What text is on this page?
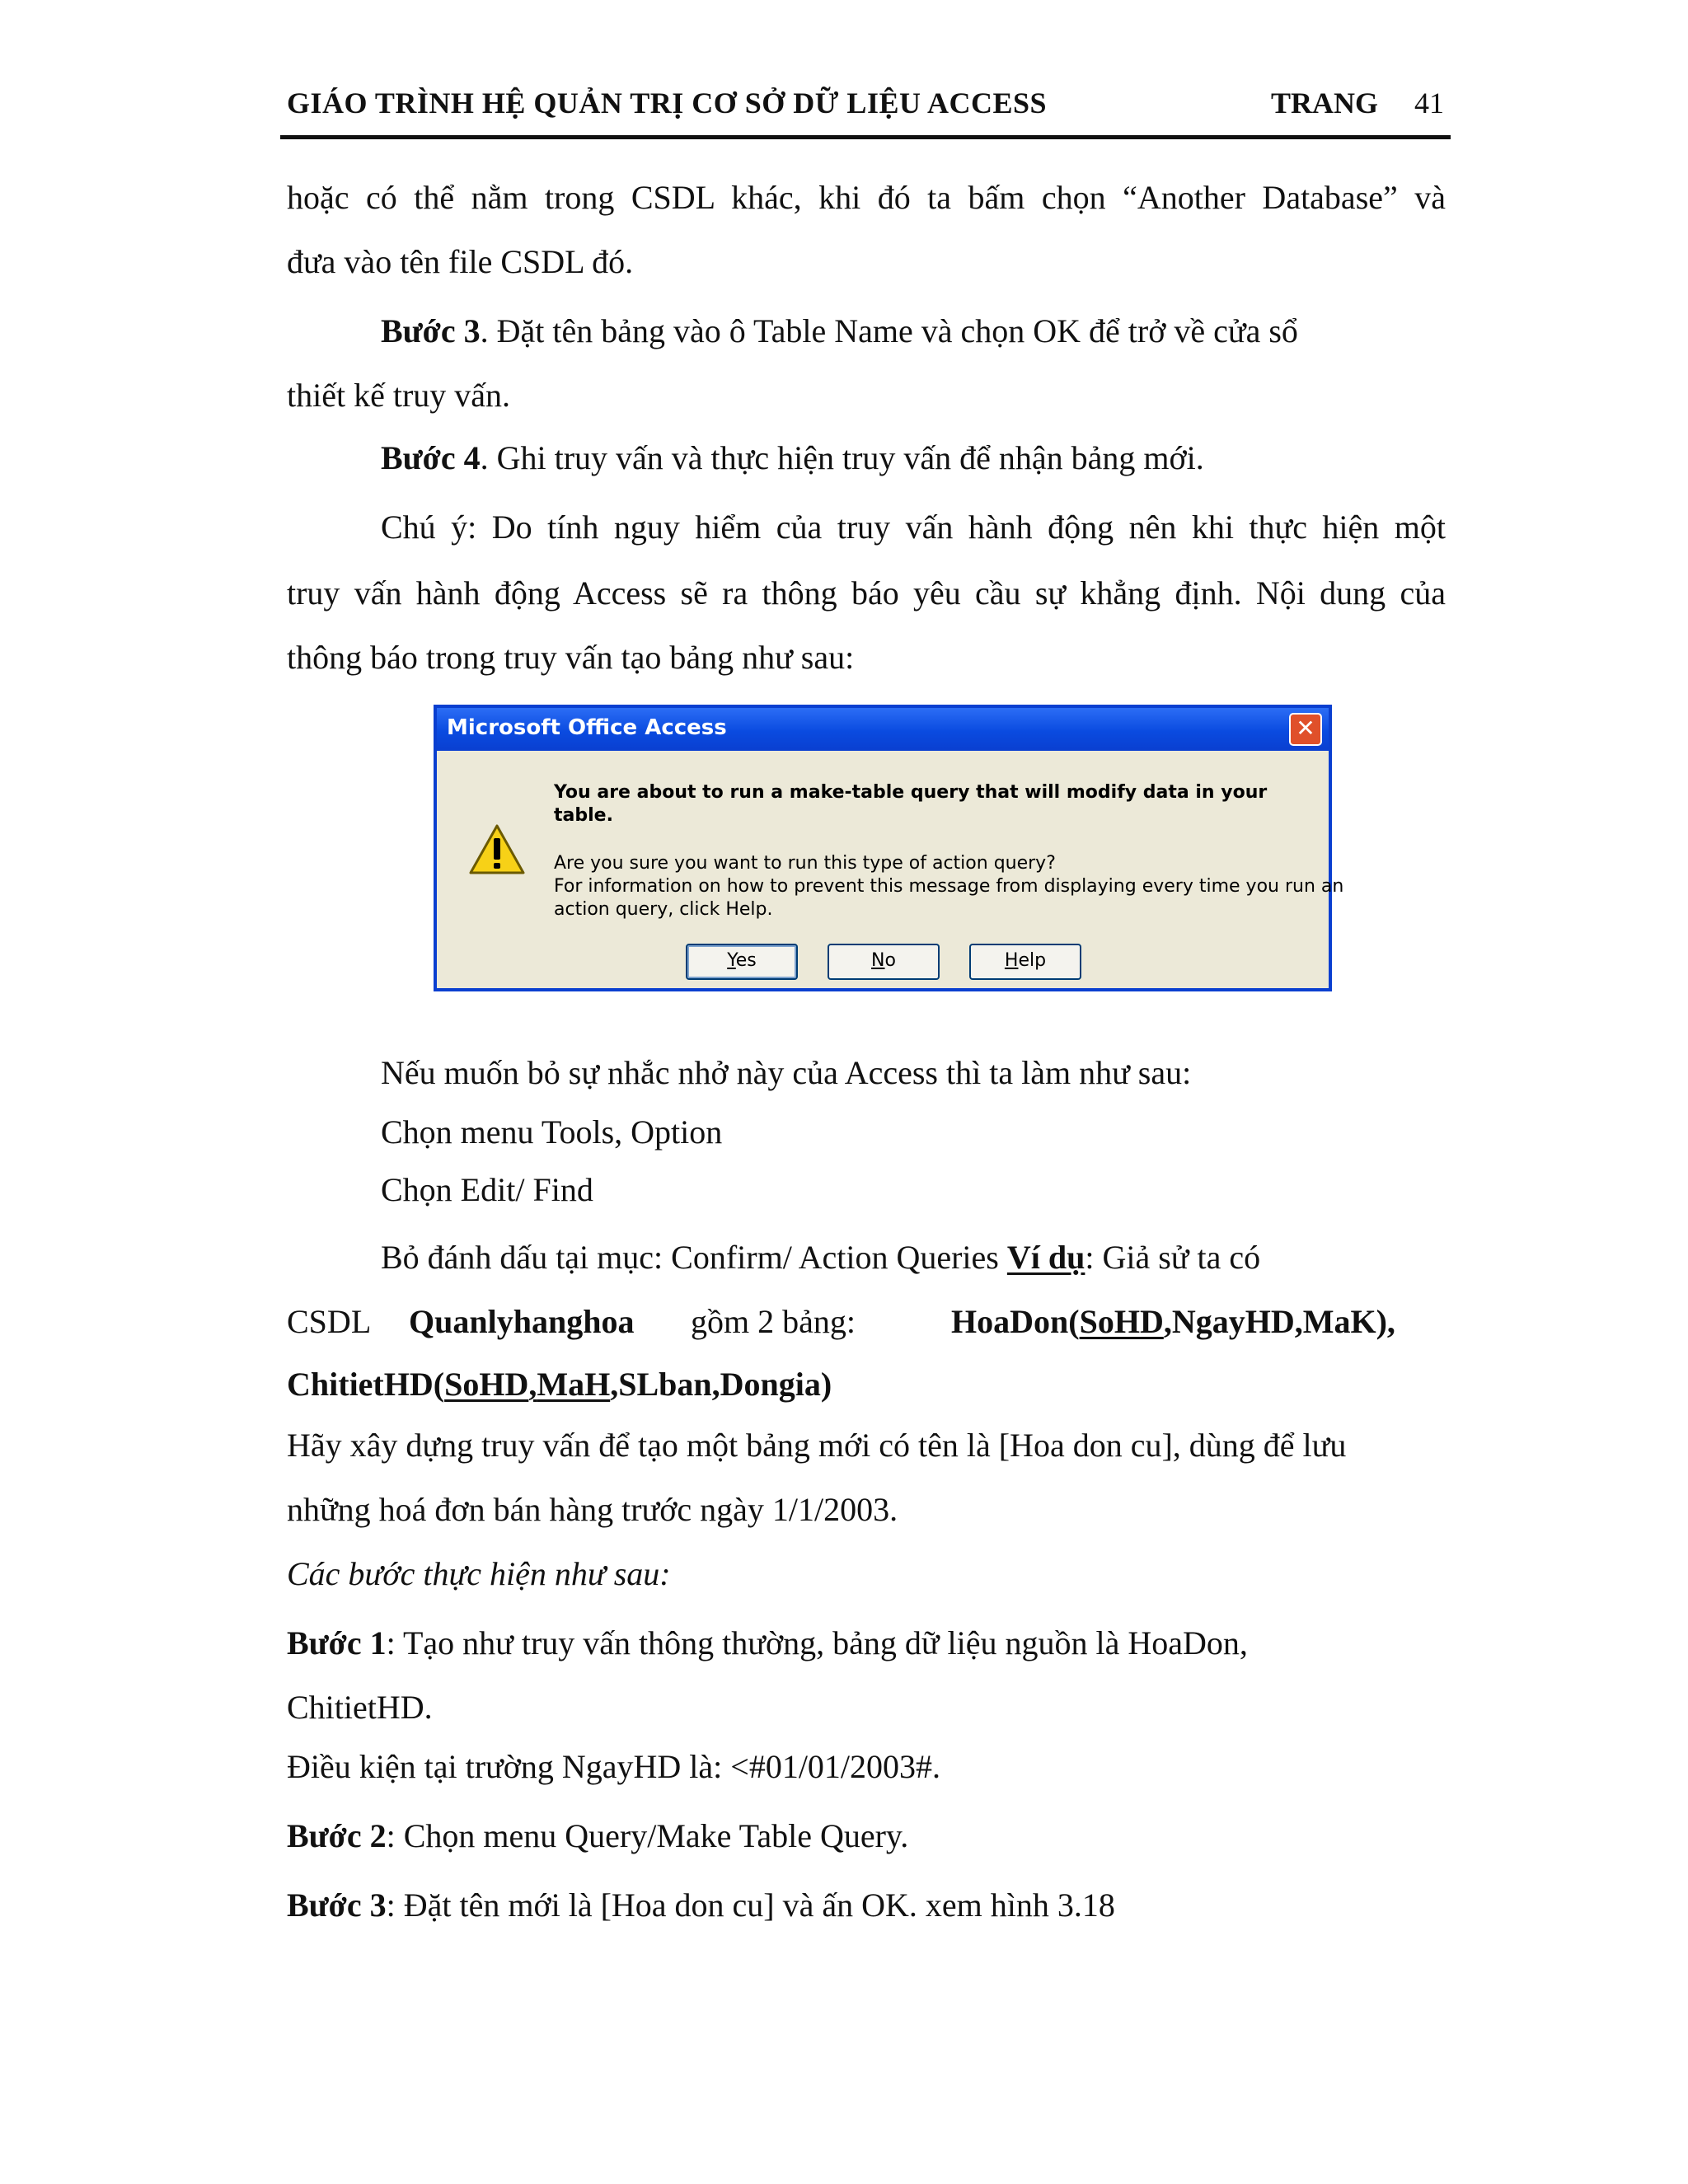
GIÁO TRÌNH HỆ QUẢN TRỊ CƠ SỞ DỮ LIỆU ACCESS	TRANG 41
hoặc có thể nằm trong CSDL khác, khi đó ta bấm chọn “Another Database” và
đưa vào tên file CSDL đó.
Bước 3. Đặt tên bảng vào ô Table Name và chọn OK để trở về cửa sổ
thiết kế truy vấn.
Bước 4. Ghi truy vấn và thực hiện truy vấn để nhận bảng mới.
Chú ý: Do tính nguy hiểm của truy vấn hành động nên khi thực hiện một
truy vấn hành động Access sẽ ra thông báo yêu cầu sự khẳng định. Nội dung của
thông báo trong truy vấn tạo bảng như sau:
Microsoft Office Access	✕
You are about to run a make-table query that will modify data in your
table.
Are you sure you want to run this type of action query?
For information on how to prevent this message from displaying every time you run an
action query, click Help.
Yes	No	Help
Nếu muốn bỏ sự nhắc nhở này của Access thì ta làm như sau:
Chọn menu Tools, Option
Chọn Edit/ Find
Bỏ đánh dấu tại mục: Confirm/ Action Queries Ví dụ: Giả sử ta có
CSDL Quanlyhanghoa gồm 2 bảng:	HoaDon(SoHD,NgayHD,MaK),
ChitietHD(SoHD,MaH,SLban,Dongia)
Hãy xây dựng truy vấn để tạo một bảng mới có tên là [Hoa don cu], dùng để lưu
những hoá đơn bán hàng trước ngày 1/1/2003.
Các bước thực hiện như sau:
Bước 1: Tạo như truy vấn thông thường, bảng dữ liệu nguồn là HoaDon,
ChitietHD.
Điều kiện tại trường NgayHD là: <#01/01/2003#.
Bước 2: Chọn menu Query/Make Table Query.
Bước 3: Đặt tên mới là [Hoa don cu] và ấn OK. xem hình 3.18
